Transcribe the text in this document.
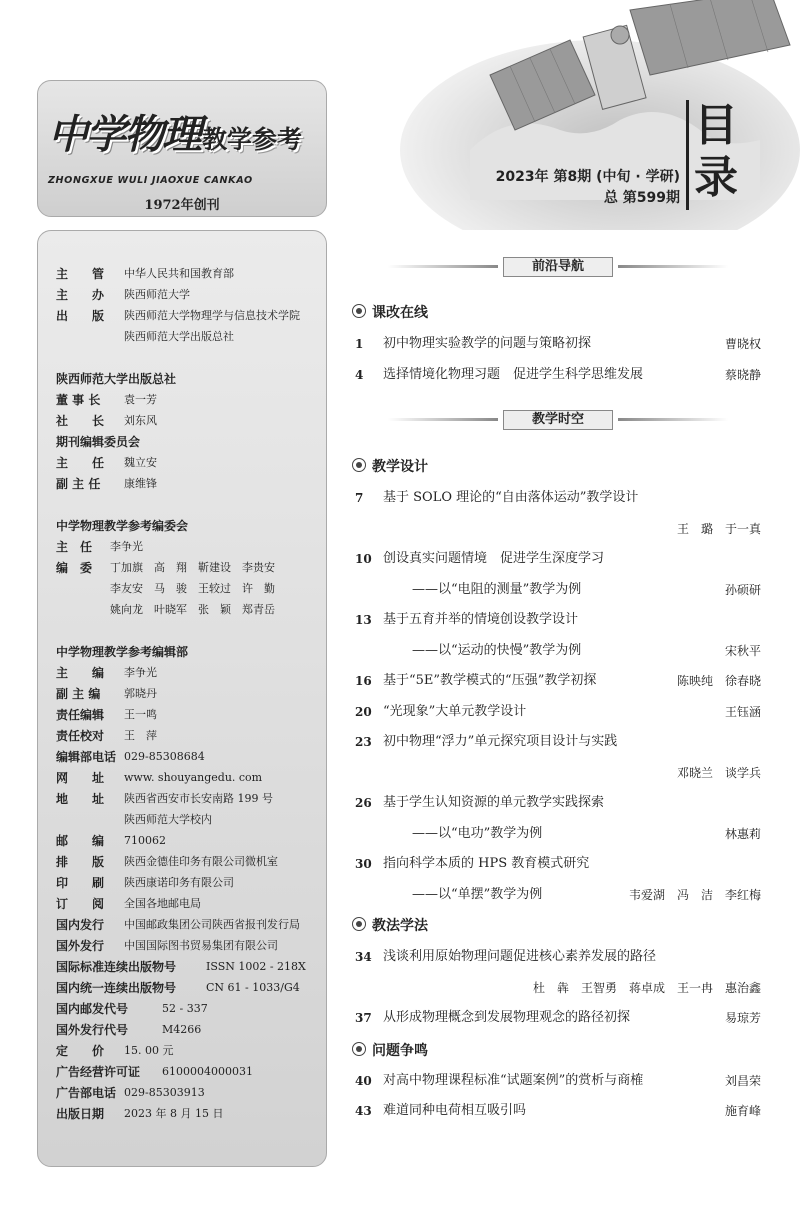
中学物理教学参考
ZHONGXUE WULI JIAOXUE CANKAO
1972年创刊
2023年 第8期 (中旬 · 学研)
总 第599期
目
录
主　　管 中华人民共和国教育部
主　　办 陕西师范大学
出　　版 陕西师范大学物理学与信息技术学院
陕西师范大学出版总社
陕西师范大学出版总社
董 事 长 袁一芳
社　　长 刘东风
期刊编辑委员会
主　　任 魏立安
副 主 任 康维锋
中学物理教学参考编委会
主　任 李争光
编　委 丁加旗　高　翔　靳建设　李贵安
李友安　马　骏　王较过　许　勤
姚向龙　叶晓军　张　颖　郑青岳
中学物理教学参考编辑部
主　　编 李争光
副 主 编 郭晓丹
责任编辑 王一鸣
责任校对 王　萍
编辑部电话 029-85308684
网　　址 www. shouyangedu. com
地　　址 陕西省西安市长安南路 199 号
陕西师范大学校内
邮　　编 710062
排　　版 陕西金德佳印务有限公司微机室
印　　刷 陕西康诺印务有限公司
订　　阅 全国各地邮电局
国内发行 中国邮政集团公司陕西省报刊发行局
国外发行 中国国际图书贸易集团有限公司
国际标准连续出版物号	ISSN 1002 - 218X
国内统一连续出版物号	CN 61 - 1033/G4
国内邮发代号	52 - 337
国外发行代号	M4266
定　　价 15. 00 元
广告经营许可证 6100004000031
广告部电话 029-85303913
出版日期 2023 年 8 月 15 日
前沿导航
课改在线
1 初中物理实验教学的问题与策略初探	曹晓权
4 选择情境化物理习题　促进学生科学思维发展	蔡晓静
教学时空
教学设计
7 基于 SOLO 理论的“自由落体运动”教学设计
王　璐　于一真
10 创设真实问题情境　促进学生深度学习
——以“电阻的测量”教学为例	孙硕研
13 基于五育并举的情境创设教学设计
——以“运动的快慢”教学为例	宋秋平
16 基于“5E”教学模式的“压强”教学初探	陈映纯　徐春晓
20 “光现象”大单元教学设计	王钰涵
23 初中物理“浮力”单元探究项目设计与实践
邓晓兰　谈学兵
26 基于学生认知资源的单元教学实践探索
——以“电功”教学为例	林惠莉
30 指向科学本质的 HPS 教育模式研究
——以“单摆”教学为例	韦爱湖　冯　洁　李红梅
教法学法
34 浅谈利用原始物理问题促进核心素养发展的路径
杜　犇　王智勇　蒋卓成　王一冉　惠治鑫
37 从形成物理概念到发展物理观念的路径初探	易琼芳
问题争鸣
40 对高中物理课程标准“试题案例”的赏析与商榷	刘昌荣
43 难道同种电荷相互吸引吗	施育峰
